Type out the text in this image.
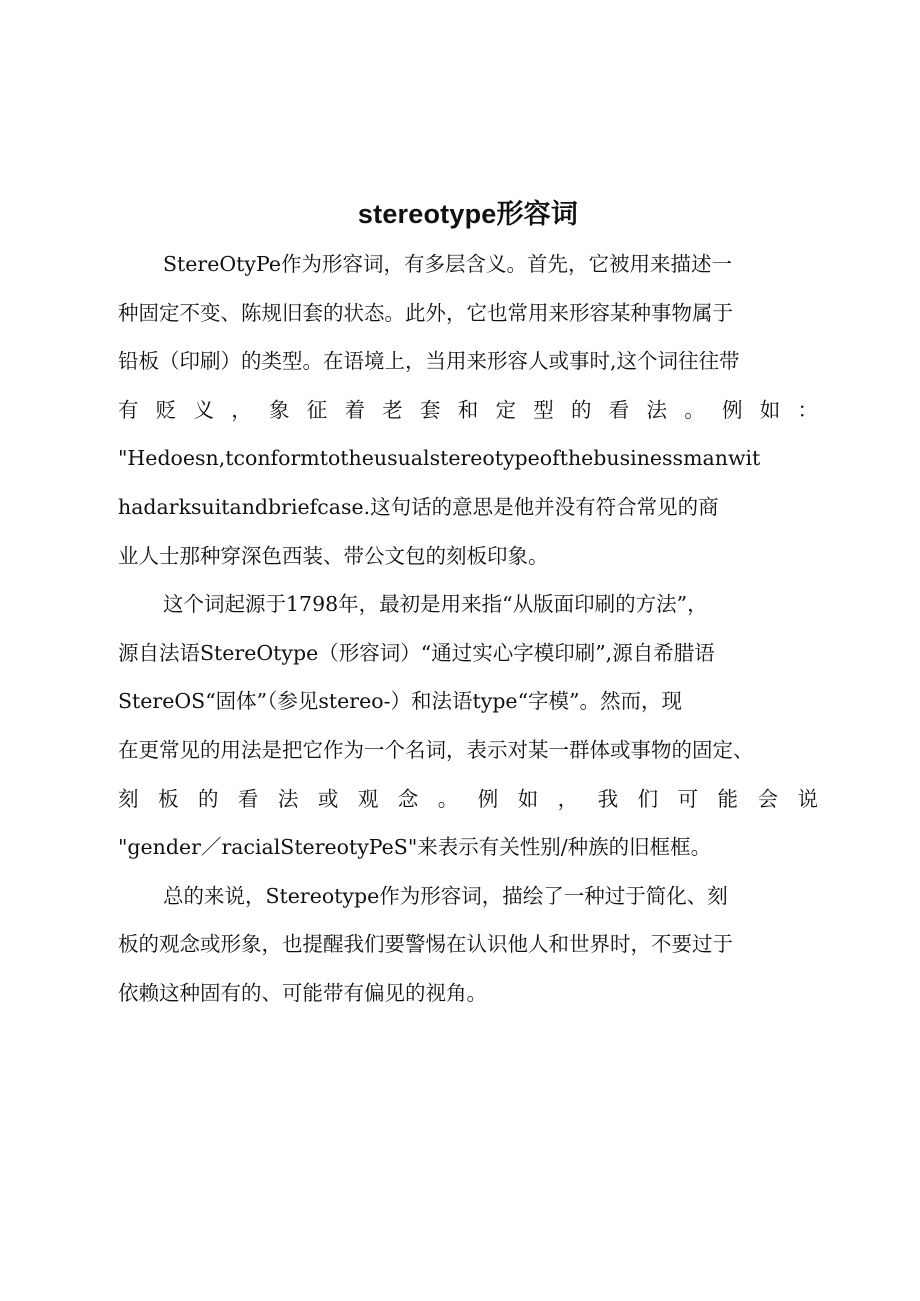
stereotype形容词
StereOtyPe作为形容词，有多层含义。首先，它被用来描述一
种固定不变、陈规旧套的状态。此外，它也常用来形容某种事物属于
铅板（印刷）的类型。在语境上，当用来形容人或事时,这个词往往带
有 贬 义 ， 象 征 着 老 套 和 定 型 的 看 法 。 例 如 ：
"Hedoesn,tconformtotheusualstereotypeofthebusinessmanwit
hadarksuitandbriefcase.这句话的意思是他并没有符合常见的商
业人士那种穿深色西装、带公文包的刻板印象。
这个词起源于1798年，最初是用来指“从版面印刷的方法”，
源自法语StereOtype（形容词）“通过实心字模印刷”,源自希腊语
StereOS“固体”（参见stereo-）和法语type“字模”。然而，现
在更常见的用法是把它作为一个名词，表示对某一群体或事物的固定、
刻 板 的 看 法 或 观 念 。 例 如 ， 我 们 可 能 会 说
"gender／racialStereotyPeS"来表示有关性别/种族的旧框框。
总的来说，Stereotype作为形容词，描绘了一种过于简化、刻
板的观念或形象，也提醒我们要警惕在认识他人和世界时，不要过于
依赖这种固有的、可能带有偏见的视角。
